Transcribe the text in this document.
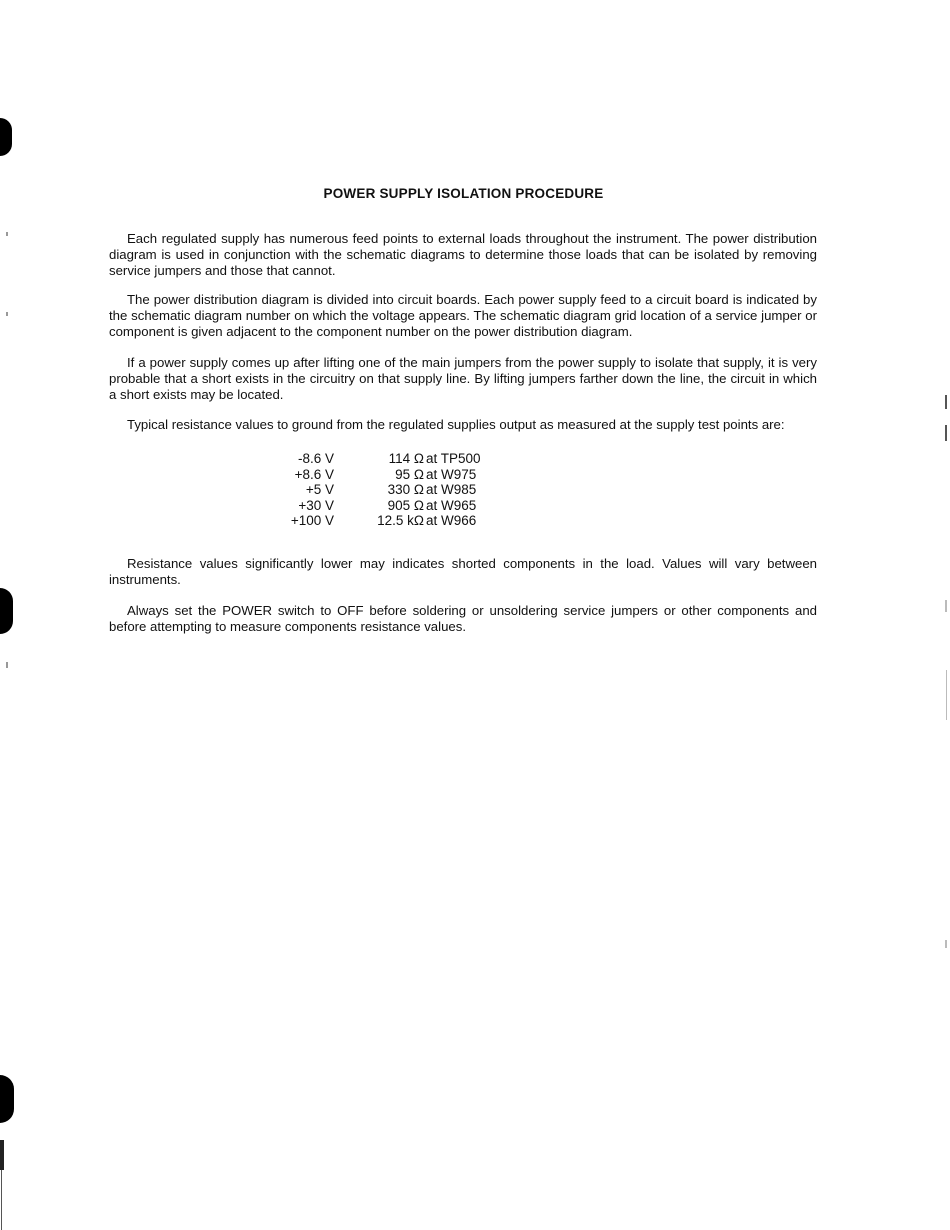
POWER SUPPLY ISOLATION PROCEDURE

Each regulated supply has numerous feed points to external loads throughout the instrument. The power distribution diagram is used in conjunction with the schematic diagrams to determine those loads that can be isolated by removing service jumpers and those that cannot.

The power distribution diagram is divided into circuit boards. Each power supply feed to a circuit board is indicated by the schematic diagram number on which the voltage appears. The schematic diagram grid location of a service jumper or component is given adjacent to the component number on the power distribution diagram.

If a power supply comes up after lifting one of the main jumpers from the power supply to isolate that supply, it is very probable that a short exists in the circuitry on that supply line. By lifting jumpers farther down the line, the circuit in which a short exists may be located.

Typical resistance values to ground from the regulated supplies output as measured at the supply test points are:

-8.6 V	114 Ω at TP500
+8.6 V	95 Ω at W975
+5 V	330 Ω at W985
+30 V	905 Ω at W965
+100 V	12.5 kΩ at W966

Resistance values significantly lower may indicates shorted components in the load. Values will vary between instruments.

Always set the POWER switch to OFF before soldering or unsoldering service jumpers or other components and before attempting to measure components resistance values.
